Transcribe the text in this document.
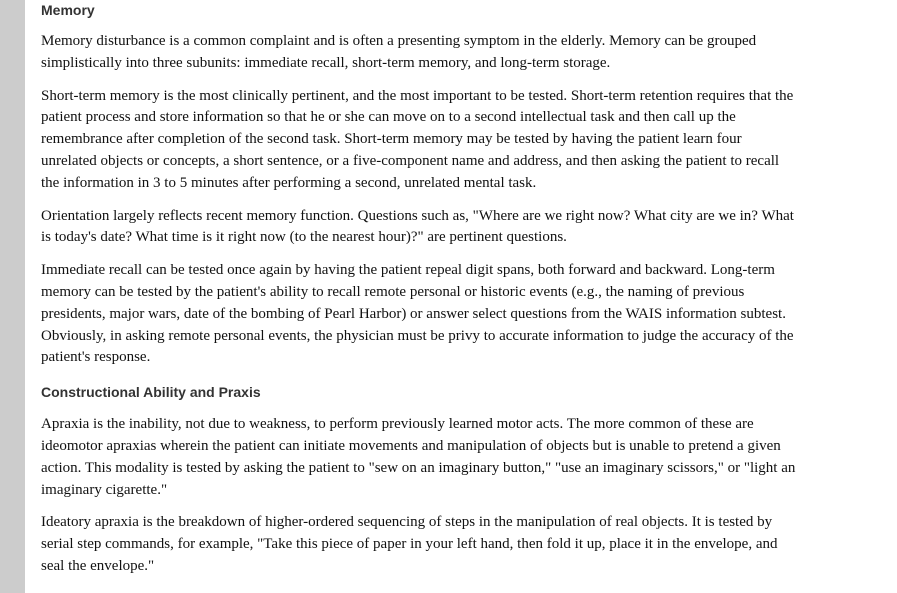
Memory

Memory disturbance is a common complaint and is often a presenting symptom in the elderly. Memory can be grouped simplistically into three subunits: immediate recall, short-term memory, and long-term storage.

Short-term memory is the most clinically pertinent, and the most important to be tested. Short-term retention requires that the patient process and store information so that he or she can move on to a second intellectual task and then call up the remembrance after completion of the second task. Short-term memory may be tested by having the patient learn four unrelated objects or concepts, a short sentence, or a five-component name and address, and then asking the patient to recall the information in 3 to 5 minutes after performing a second, unrelated mental task.

Orientation largely reflects recent memory function. Questions such as, "Where are we right now? What city are we in? What is today's date? What time is it right now (to the nearest hour)?" are pertinent questions.

Immediate recall can be tested once again by having the patient repeal digit spans, both forward and backward. Long-term memory can be tested by the patient's ability to recall remote personal or historic events (e.g., the naming of previous presidents, major wars, date of the bombing of Pearl Harbor) or answer select questions from the WAIS information subtest. Obviously, in asking remote personal events, the physician must be privy to accurate information to judge the accuracy of the patient's response.

Constructional Ability and Praxis

Apraxia is the inability, not due to weakness, to perform previously learned motor acts. The more common of these are ideomotor apraxias wherein the patient can initiate movements and manipulation of objects but is unable to pretend a given action. This modality is tested by asking the patient to "sew on an imaginary button," "use an imaginary scissors," or "light an imaginary cigarette."

Ideatory apraxia is the breakdown of higher-ordered sequencing of steps in the manipulation of real objects. It is tested by serial step commands, for example, "Take this piece of paper in your left hand, then fold it up, place it in the envelope, and seal the envelope."
